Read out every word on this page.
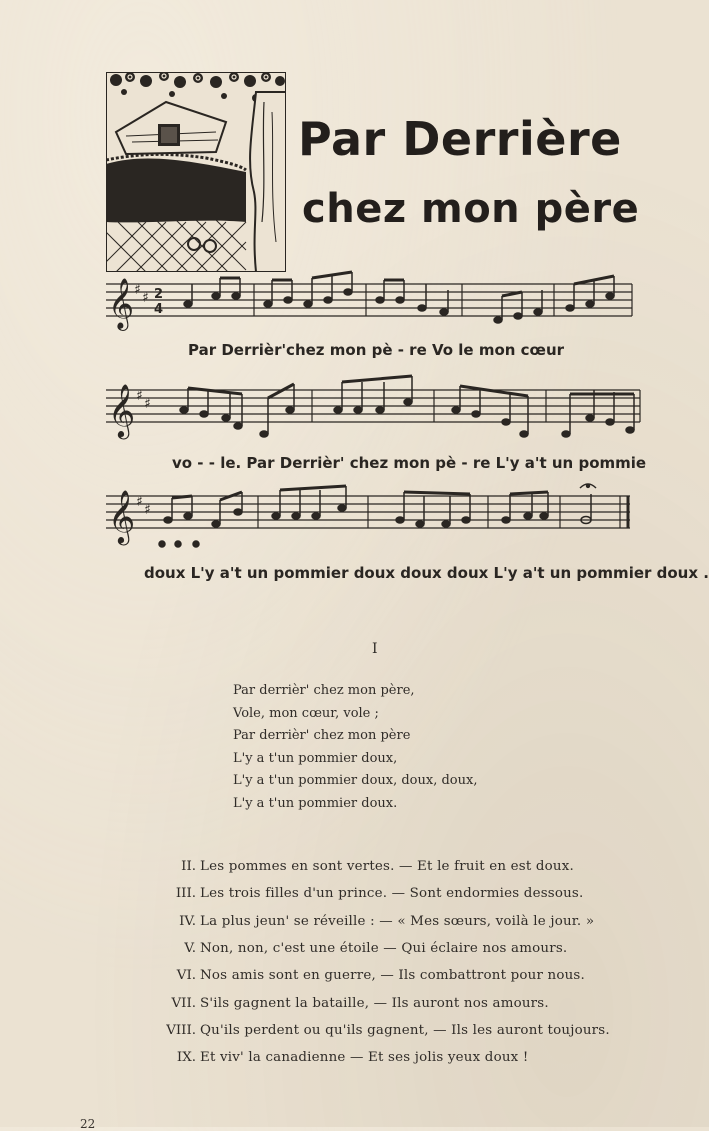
Par Derrière
chez mon père
𝄞 ♯ ♯ 2
4
Par Derrièr'chez mon pè - re Vo le mon cœur
𝄞 ♯ ♯
vo - - le. Par Derrièr' chez mon pè - re L'y a't un pommie
𝄞 ♯ ♯
doux L'y a't un pommier doux doux doux L'y a't un pommier doux .
I
Par derrièr' chez mon père,
Vole, mon cœur, vole ;
Par derrièr' chez mon père
L'y a t'un pommier doux,
L'y a t'un pommier doux, doux, doux,
L'y a t'un pommier doux.
II. Les pommes en sont vertes. — Et le fruit en est doux.
III. Les trois filles d'un prince. — Sont endormies dessous.
IV. La plus jeun' se réveille : — « Mes sœurs, voilà le jour. »
V. Non, non, c'est une étoile — Qui éclaire nos amours.
VI. Nos amis sont en guerre, — Ils combattront pour nous.
VII. S'ils gagnent la bataille, — Ils auront nos amours.
VIII. Qu'ils perdent ou qu'ils gagnent, — Ils les auront toujours.
IX. Et viv' la canadienne — Et ses jolis yeux doux !
22
